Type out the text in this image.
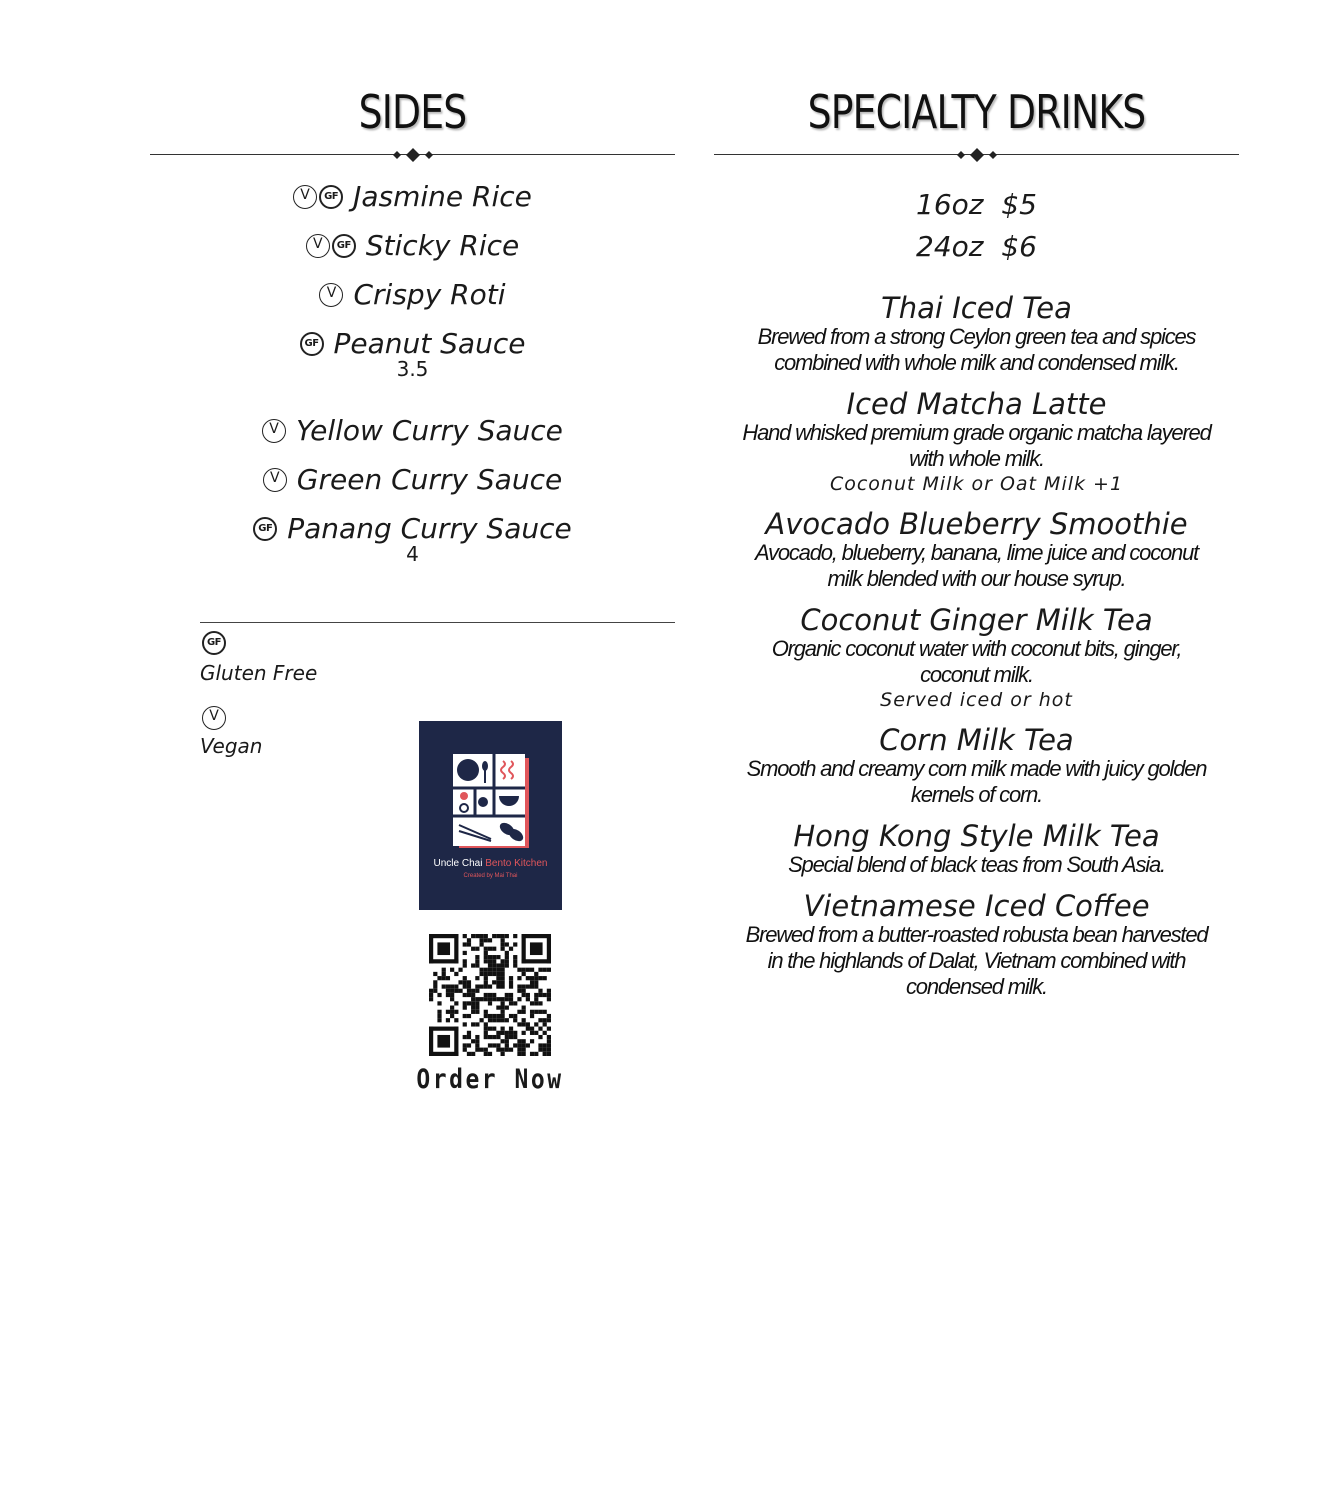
SIDES
V GF Jasmine Rice
V GF Sticky Rice
V Crispy Roti
GF Peanut Sauce
3.5
V Yellow Curry Sauce
V Green Curry Sauce
GF Panang Curry Sauce
4
GF
Gluten Free
V
Vegan
Uncle Chai Bento Kitchen
Created by Mai Thai
Order Now
SPECIALTY DRINKS
16oz  $5
24oz  $6
Thai Iced Tea
Brewed from a strong Ceylon green tea and spices
combined with whole milk and condensed milk.
Iced Matcha Latte
Hand whisked premium grade organic matcha layered
with whole milk.
Coconut Milk or Oat Milk +1
Avocado Blueberry Smoothie
Avocado, blueberry, banana, lime juice and coconut
milk blended with our house syrup.
Coconut Ginger Milk Tea
Organic coconut water with coconut bits, ginger,
coconut milk.
Served iced or hot
Corn Milk Tea
Smooth and creamy corn milk made with juicy golden
kernels of corn.
Hong Kong Style Milk Tea
Special blend of black teas from South Asia.
Vietnamese Iced Coffee
Brewed from a butter-roasted robusta bean harvested
in the highlands of Dalat, Vietnam combined with
condensed milk.
